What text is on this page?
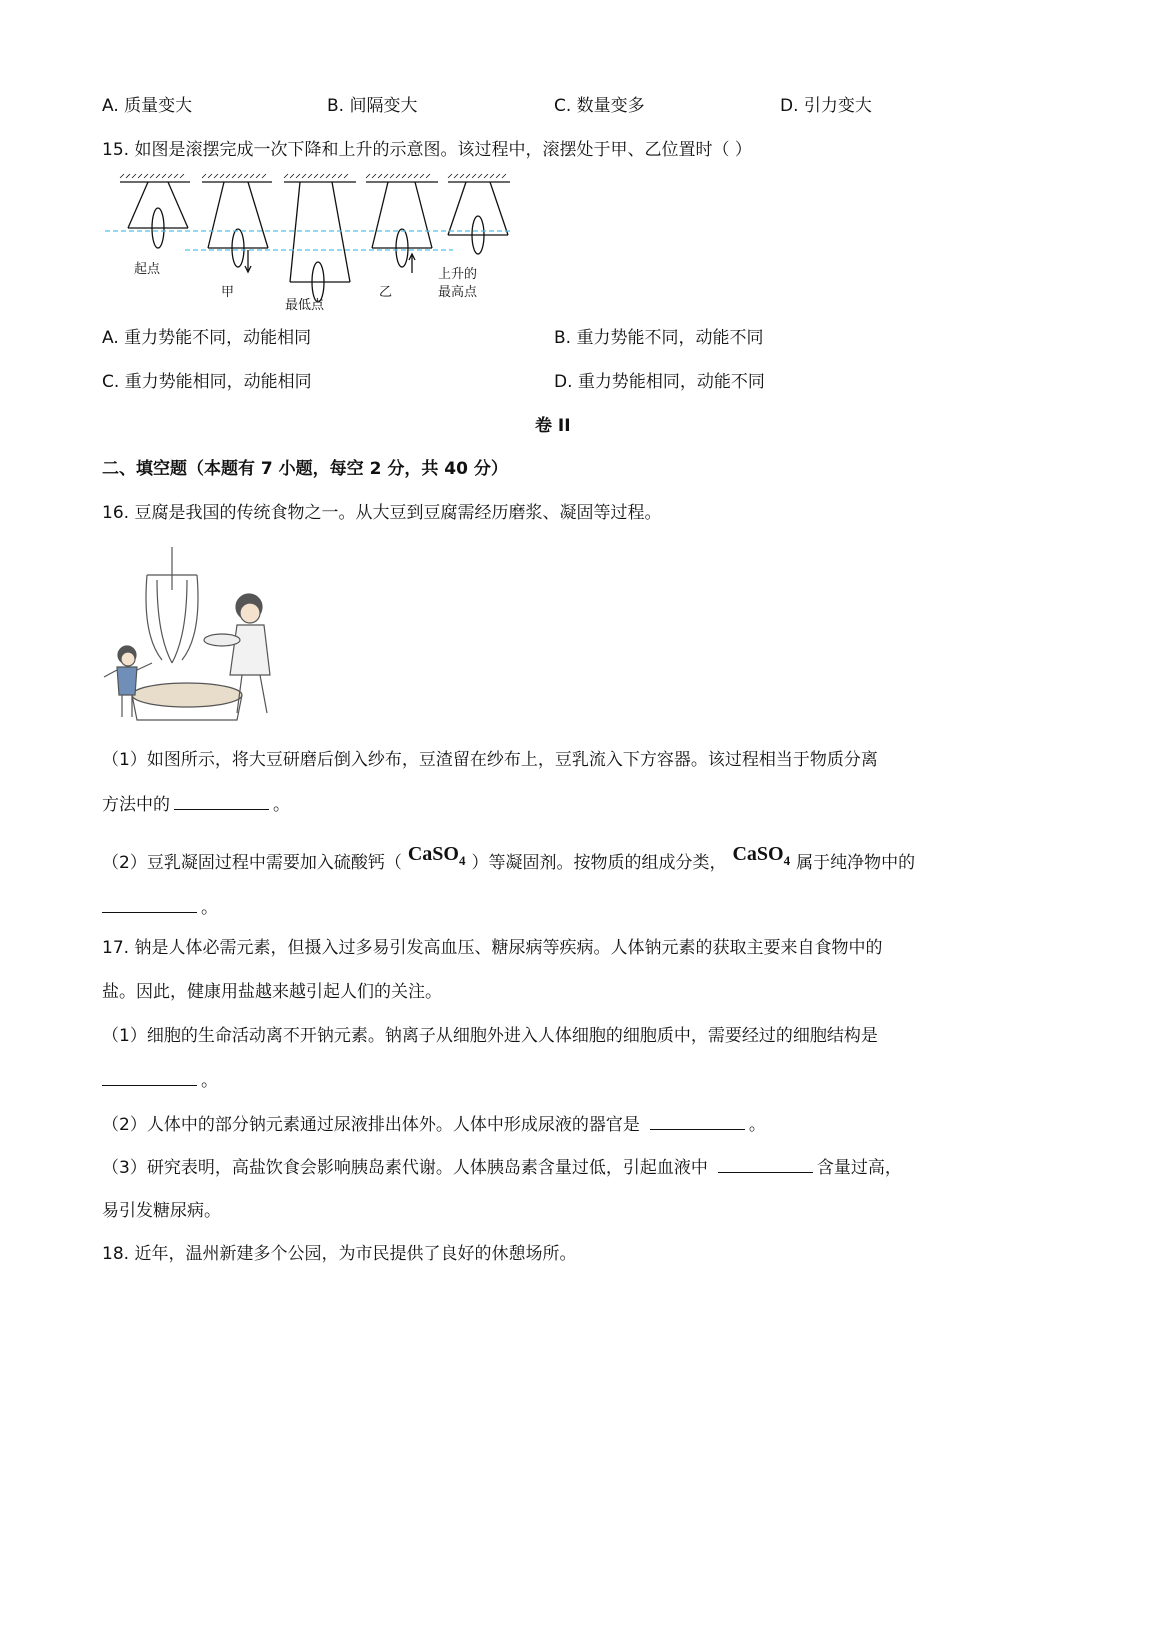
A. 质量变大	B. 间隔变大	C. 数量变多	D. 引力变大
15. 如图是滚摆完成一次下降和上升的示意图。该过程中，滚摆处于甲、乙位置时（ ）
起点
甲
最低点
乙
上升的
最高点
A. 重力势能不同，动能相同	B. 重力势能不同，动能不同
C. 重力势能相同，动能相同	D. 重力势能相同，动能不同
卷 II
二、填空题（本题有 7 小题，每空 2 分，共 40 分）
16. 豆腐是我国的传统食物之一。从大豆到豆腐需经历磨浆、凝固等过程。
（1）如图所示，将大豆研磨后倒入纱布，豆渣留在纱布上，豆乳流入下方容器。该过程相当于物质分离
方法中的	。
（2）豆乳凝固过程中需要加入硫酸钙（ CaSO$_4$ ）等凝固剂。按物质的组成分类， CaSO$_4$ 属于纯净物中的
。
17. 钠是人体必需元素，但摄入过多易引发高血压、糖尿病等疾病。人体钠元素的获取主要来自食物中的
盐。因此，健康用盐越来越引起人们的关注。
（1）细胞的生命活动离不开钠元素。钠离子从细胞外进入人体细胞的细胞质中，需要经过的细胞结构是
。
（2）人体中的部分钠元素通过尿液排出体外。人体中形成尿液的器官是	。
（3）研究表明，高盐饮食会影响胰岛素代谢。人体胰岛素含量过低，引起血液中	含量过高，
易引发糖尿病。
18. 近年，温州新建多个公园，为市民提供了良好的休憩场所。
